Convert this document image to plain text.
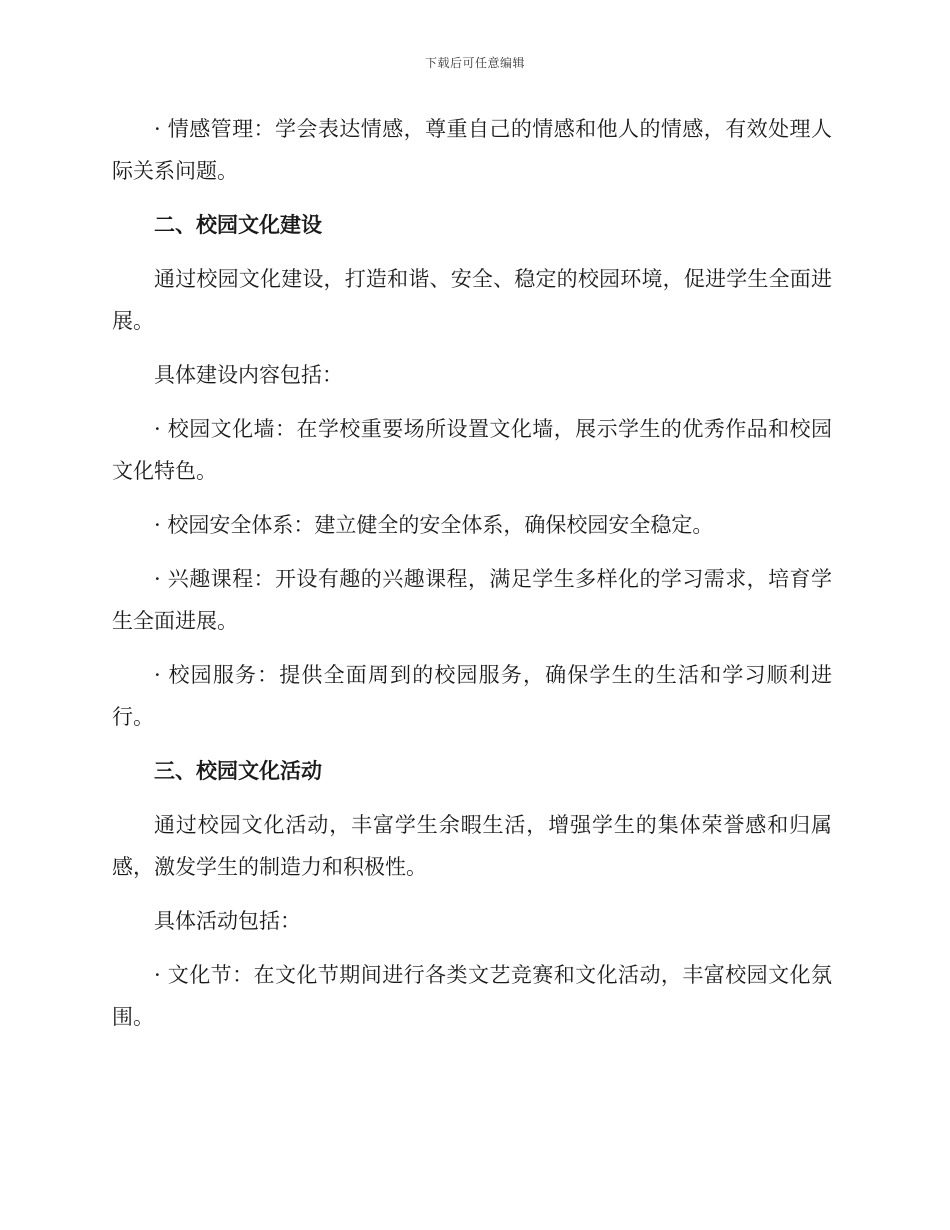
下载后可任意编辑

· 情感管理：学会表达情感，尊重自己的情感和他人的情感，有效处理人际关系问题。

二、校园文化建设

通过校园文化建设，打造和谐、安全、稳定的校园环境，促进学生全面进展。

具体建设内容包括：

· 校园文化墙：在学校重要场所设置文化墙，展示学生的优秀作品和校园文化特色。

· 校园安全体系：建立健全的安全体系，确保校园安全稳定。

· 兴趣课程：开设有趣的兴趣课程，满足学生多样化的学习需求，培育学生全面进展。

· 校园服务：提供全面周到的校园服务，确保学生的生活和学习顺利进行。

三、校园文化活动

通过校园文化活动，丰富学生余暇生活，增强学生的集体荣誉感和归属感，激发学生的制造力和积极性。

具体活动包括：

· 文化节：在文化节期间进行各类文艺竞赛和文化活动，丰富校园文化氛围。
